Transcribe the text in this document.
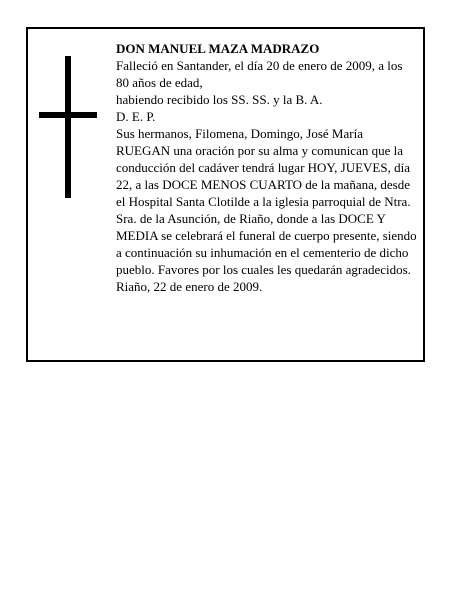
DON MANUEL MAZA MADRAZO

Falleció en Santander, el día 20 de enero de 2009, a los 80 años de edad,

habiendo recibido los SS. SS. y la B. A.

D. E. P.

Sus hermanos, Filomena, Domingo, José María RUEGAN una oración por su alma y comunican que la conducción del cadáver tendrá lugar HOY, JUEVES, día 22, a las DOCE MENOS CUARTO de la mañana, desde el Hospital Santa Clotilde a la iglesia parroquial de Ntra. Sra. de la Asunción, de Riaño, donde a las DOCE Y MEDIA se celebrará el funeral de cuerpo presente, siendo a continuación su inhumación en el cementerio de dicho pueblo. Favores por los cuales les quedarán agradecidos.

Riaño, 22 de enero de 2009.
